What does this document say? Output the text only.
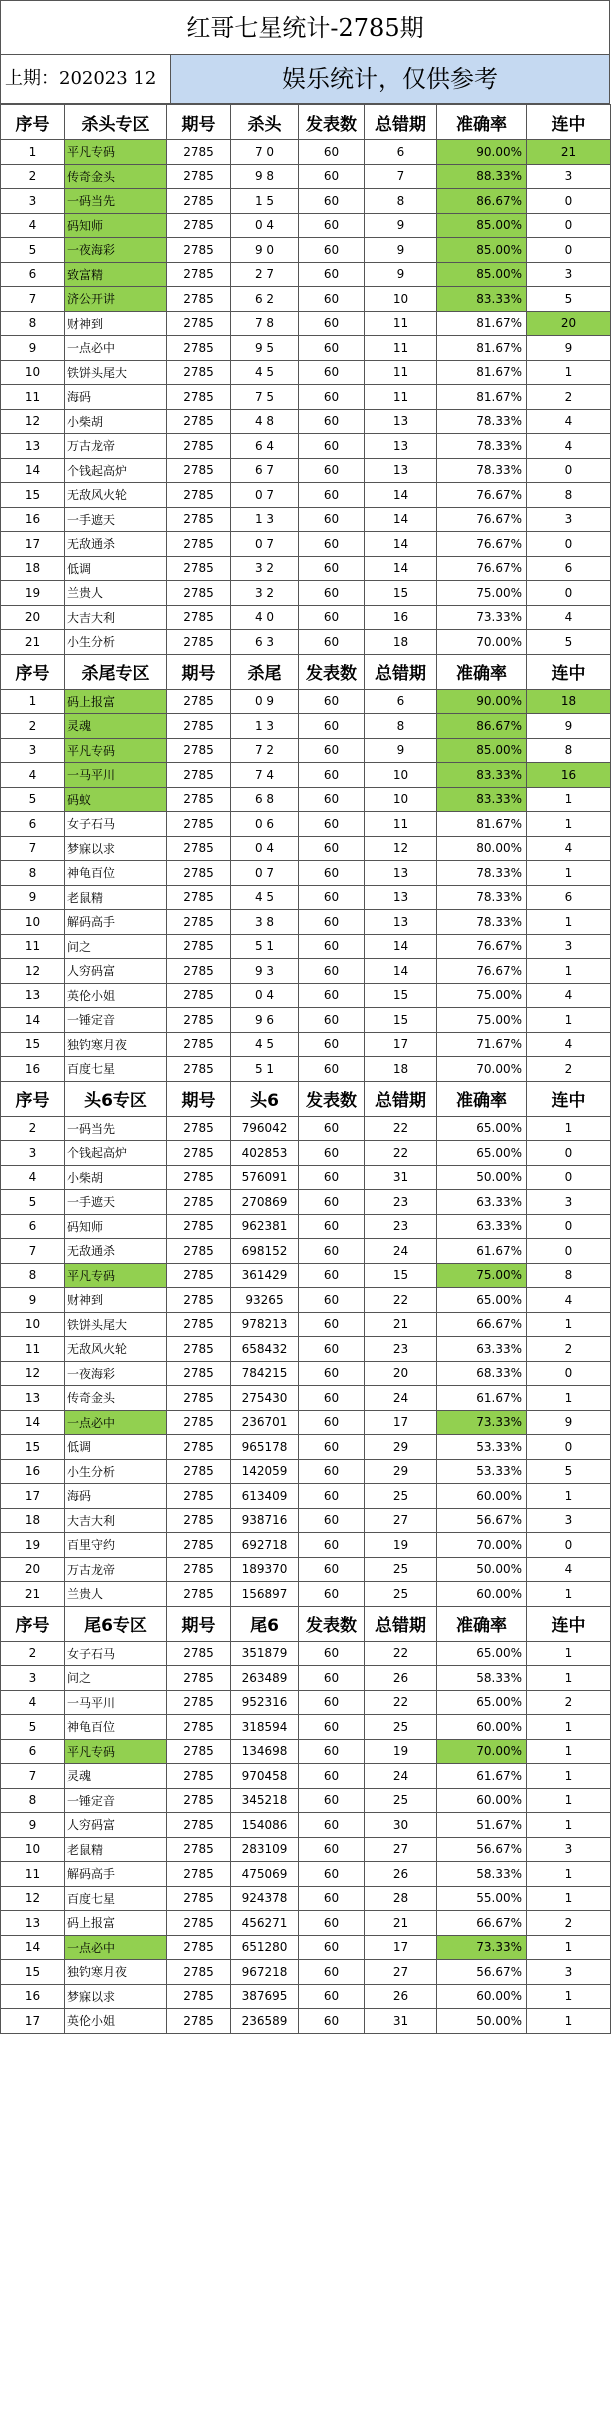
红哥七星统计-2785期
上期：202023 12	娱乐统计，仅供参考
序号	杀头专区	期号	杀头	发表数	总错期	准确率	连中
1	平凡专码	2785	7 0	60	6	90.00%	21
2	传奇金头	2785	9 8	60	7	88.33%	3
3	一码当先	2785	1 5	60	8	86.67%	0
4	码知师	2785	0 4	60	9	85.00%	0
5	一夜海彩	2785	9 0	60	9	85.00%	0
6	致富精	2785	2 7	60	9	85.00%	3
7	济公开讲	2785	6 2	60	10	83.33%	5
8	财神到	2785	7 8	60	11	81.67%	20
9	一点必中	2785	9 5	60	11	81.67%	9
10	铁饼头尾大	2785	4 5	60	11	81.67%	1
11	海码	2785	7 5	60	11	81.67%	2
12	小柴胡	2785	4 8	60	13	78.33%	4
13	万古龙帝	2785	6 4	60	13	78.33%	4
14	个钱起高炉	2785	6 7	60	13	78.33%	0
15	无敌风火轮	2785	0 7	60	14	76.67%	8
16	一手遮天	2785	1 3	60	14	76.67%	3
17	无敌通杀	2785	0 7	60	14	76.67%	0
18	低调	2785	3 2	60	14	76.67%	6
19	兰贵人	2785	3 2	60	15	75.00%	0
20	大吉大利	2785	4 0	60	16	73.33%	4
21	小生分析	2785	6 3	60	18	70.00%	5
序号	杀尾专区	期号	杀尾	发表数	总错期	准确率	连中
1	码上报富	2785	0 9	60	6	90.00%	18
2	灵魂	2785	1 3	60	8	86.67%	9
3	平凡专码	2785	7 2	60	9	85.00%	8
4	一马平川	2785	7 4	60	10	83.33%	16
5	码蚁	2785	6 8	60	10	83.33%	1
6	女子石马	2785	0 6	60	11	81.67%	1
7	梦寐以求	2785	0 4	60	12	80.00%	4
8	神龟百位	2785	0 7	60	13	78.33%	1
9	老鼠精	2785	4 5	60	13	78.33%	6
10	解码高手	2785	3 8	60	13	78.33%	1
11	问之	2785	5 1	60	14	76.67%	3
12	人穷码富	2785	9 3	60	14	76.67%	1
13	英伦小姐	2785	0 4	60	15	75.00%	4
14	一锤定音	2785	9 6	60	15	75.00%	1
15	独钓寒月夜	2785	4 5	60	17	71.67%	4
16	百度七星	2785	5 1	60	18	70.00%	2
序号	头6专区	期号	头6	发表数	总错期	准确率	连中
2	一码当先	2785	796042	60	22	65.00%	1
3	个钱起高炉	2785	402853	60	22	65.00%	0
4	小柴胡	2785	576091	60	31	50.00%	0
5	一手遮天	2785	270869	60	23	63.33%	3
6	码知师	2785	962381	60	23	63.33%	0
7	无敌通杀	2785	698152	60	24	61.67%	0
8	平凡专码	2785	361429	60	15	75.00%	8
9	财神到	2785	93265	60	22	65.00%	4
10	铁饼头尾大	2785	978213	60	21	66.67%	1
11	无敌风火轮	2785	658432	60	23	63.33%	2
12	一夜海彩	2785	784215	60	20	68.33%	0
13	传奇金头	2785	275430	60	24	61.67%	1
14	一点必中	2785	236701	60	17	73.33%	9
15	低调	2785	965178	60	29	53.33%	0
16	小生分析	2785	142059	60	29	53.33%	5
17	海码	2785	613409	60	25	60.00%	1
18	大吉大利	2785	938716	60	27	56.67%	3
19	百里守约	2785	692718	60	19	70.00%	0
20	万古龙帝	2785	189370	60	25	50.00%	4
21	兰贵人	2785	156897	60	25	60.00%	1
序号	尾6专区	期号	尾6	发表数	总错期	准确率	连中
2	女子石马	2785	351879	60	22	65.00%	1
3	问之	2785	263489	60	26	58.33%	1
4	一马平川	2785	952316	60	22	65.00%	2
5	神龟百位	2785	318594	60	25	60.00%	1
6	平凡专码	2785	134698	60	19	70.00%	1
7	灵魂	2785	970458	60	24	61.67%	1
8	一锤定音	2785	345218	60	25	60.00%	1
9	人穷码富	2785	154086	60	30	51.67%	1
10	老鼠精	2785	283109	60	27	56.67%	3
11	解码高手	2785	475069	60	26	58.33%	1
12	百度七星	2785	924378	60	28	55.00%	1
13	码上报富	2785	456271	60	21	66.67%	2
14	一点必中	2785	651280	60	17	73.33%	1
15	独钓寒月夜	2785	967218	60	27	56.67%	3
16	梦寐以求	2785	387695	60	26	60.00%	1
17	英伦小姐	2785	236589	60	31	50.00%	1
